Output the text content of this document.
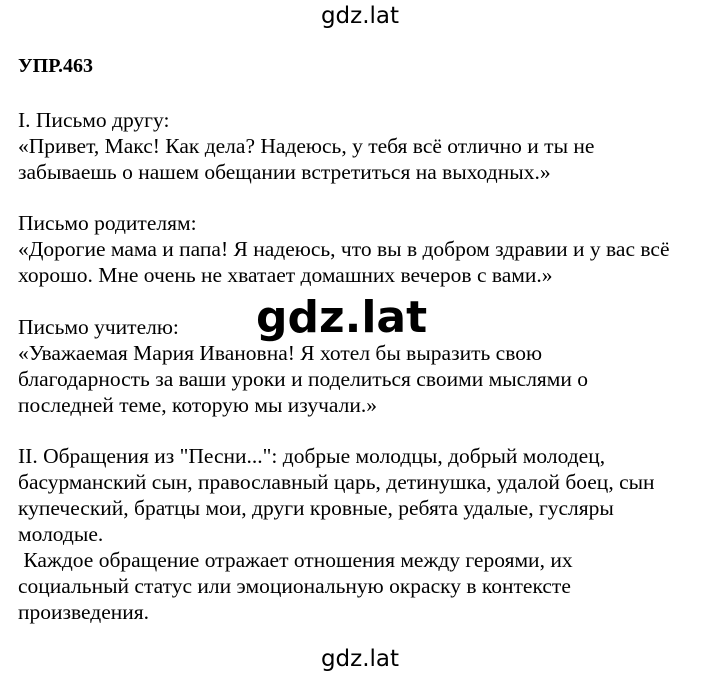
gdz.lat
УПР.463

I. Письмо другу:
«Привет, Макс! Как дела? Надеюсь, у тебя всё отлично и ты не
забываешь о нашем обещании встретиться на выходных.»

Письмо родителям:
«Дорогие мама и папа! Я надеюсь, что вы в добром здравии и у вас всё
хорошо. Мне очень не хватает домашних вечеров с вами.»

Письмо учителю:
«Уважаемая Мария Ивановна! Я хотел бы выразить свою
благодарность за ваши уроки и поделиться своими мыслями о
последней теме, которую мы изучали.»

gdz.lat

II. Обращения из "Песни...": добрые молодцы, добрый молодец,
басурманский сын, православный царь, детинушка, удалой боец, сын
купеческий, братцы мои, други кровные, ребята удалые, гусляры
молодые.

Каждое обращение отражает отношения между героями, их
социальный статус или эмоциональную окраску в контексте
произведения.

gdz.lat
